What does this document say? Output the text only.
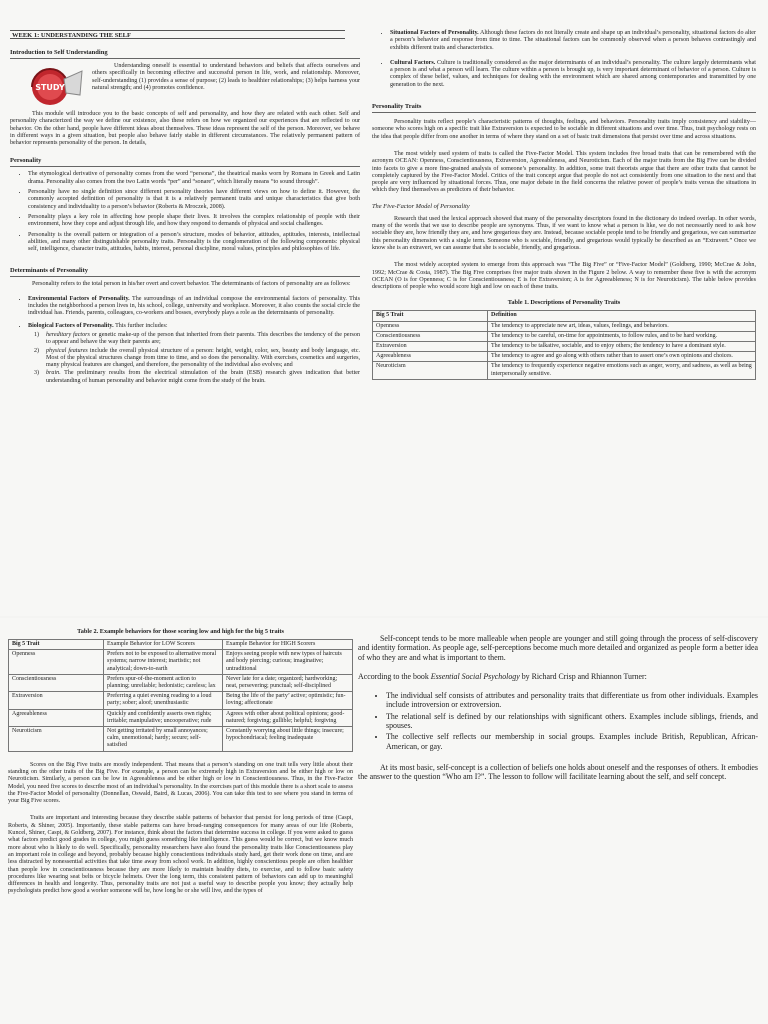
WEEK 1: UNDERSTANDING THE SELF
Introduction to Self Understanding
STUDY

Understanding oneself is essential to understand behaviors and beliefs that affects ourselves and others specifically in becoming effective and successful person in life, work, and relationship. Moreover, self-understanding (1) provides a sense of purpose; (2) leads to healthier relationships; (3) helps harness your natural strength; and (4) promotes confidence.

This module will introduce you to the basic concepts of self and personality, and how they are related with each other. Self and personality characterized the way we define our existence, also these refers on how we organized our experiences that are reflected to our behavior. On the other hand, people have different ideas about themselves. These ideas represent the self of the person. Moreover, we behave in different ways in a given situation, but people also behave fairly stable in different circumstances. The relatively permanent pattern of behavior represents personality of the person. In details,

Personality
• The etymological derivative of personality comes from the word “persona”, the theatrical masks worn by Romans in Greek and Latin drama. Personality also comes from the two Latin words “per” and “sonare”, which literally means “to sound through”.
• Personality have no single definition since different personality theories have different views on how to define it. However, the commonly accepted definition of personality is that it is a relatively permanent traits and unique characteristics that give both consistency and individuality to a person’s behavior (Roberts & Mroczek, 2008).
• Personality plays a key role in affecting how people shape their lives. It involves the complex relationship of people with their environment, how they cope and adjust through life, and how they respond to demands of physical and social challenges.
• Personality is the overall pattern or integration of a person’s structure, modes of behavior, attitudes, aptitudes, interests, intellectual abilities, and many other distinguishable personality traits. Personality is the conglomeration of the following components: physical self, intelligence, character traits, attitudes, habits, interest, personal discipline, moral values, principles and philosophies of life.
Determinants of Personality

Personality refers to the total person in his/her overt and covert behavior. The determinants of factors of personality are as follows:

• Environmental Factors of Personality. The surroundings of an individual compose the environmental factors of personality. This includes the neighborhood a person lives in, his school, college, university and workplace. Moreover, it also counts the social circle the individual has. Friends, parents, colleagues, co-workers and bosses, everybody plays a role as the determinants of personality.
• Biological Factors of Personality. This further includes:
1)	hereditary factors or genetic make-up of the person that inherited from their parents. This describes the tendency of the person to appear and behave the way their parents are;
2)	physical features include the overall physical structure of a person: height, weight, color, sex, beauty and body language, etc. Most of the physical structures change from time to time, and so does the personality. With exercises, cosmetics and surgeries, many physical features are changed, and therefore, the personality of the individual also evolves; and
3)	brain. The preliminary results from the electrical stimulation of the brain (ESB) research gives indication that better understanding of human personality and behavior might come from the study of the brain.
• Situational Factors of Personality. Although these factors do not literally create and shape up an individual’s personality, situational factors do alter a person’s behavior and response from time to time. The situational factors can be commonly observed when a person behaves contrastingly and exhibits different traits and characteristics.
• Cultural Factors. Culture is traditionally considered as the major determinants of an individual’s personality. The culture largely determinants what a person is and what a person will learn. The culture within a person is brought up, is very important determinant of behavior of a person. Culture is complex of these belief, values, and techniques for dealing with the environment which are shared among contemporaries and transmitted by one generation to the next.
Personality Traits

Personality traits reflect people’s characteristic patterns of thoughts, feelings, and behaviors. Personality traits imply consistency and stability—someone who scores high on a specific trait like Extraversion is expected to be sociable in different situations and over time. Thus, trait psychology rests on the idea that people differ from one another in terms of where they stand on a set of basic trait dimensions that persist over time and across situations.

The most widely used system of traits is called the Five-Factor Model. This system includes five broad traits that can be remembered with the acronym OCEAN: Openness, Conscientiousness, Extraversion, Agreeableness, and Neuroticism. Each of the major traits from the Big Five can be divided into facets to give a more fine-grained analysis of someone’s personality. In addition, some trait theorists argue that there are other traits that cannot be completely captured by the Five-Factor Model. Critics of the trait concept argue that people do not act consistently from one situation to the next and that people are very influenced by situational forces. Thus, one major debate in the field concerns the relative power of people’s traits versus the situations in which they find themselves as predictors of their behavior.

The Five-Factor Model of Personality

Research that used the lexical approach showed that many of the personality descriptors found in the dictionary do indeed overlap. In other words, many of the words that we use to describe people are synonyms. Thus, if we want to know what a person is like, we do not necessarily need to ask how sociable they are, how friendly they are, and how gregarious they are. Instead, because sociable people tend to be friendly and gregarious, we can summarize this personality dimension with a single term. Someone who is sociable, friendly, and gregarious would typically be described as an “Extravert.” Once we know she is an extravert, we can assume that she is sociable, friendly, and gregarious.

The most widely accepted system to emerge from this approach was “The Big Five” or “Five-Factor Model” (Goldberg, 1990; McCrae & John, 1992; McCrae & Costa, 1987). The Big Five comprises five major traits shown in the Figure 2 below. A way to remember these five is with the acronym OCEAN (O is for Openness; C is for Conscientiousness; E is for Extraversion; A is for Agreeableness; N is for Neuroticism). The table below provides descriptions of people who would score high and low on each of these traits.

Table 1. Descriptions of Personality Traits
Big 5 Trait	Definition
Openness	The tendency to appreciate new art, ideas, values, feelings, and behaviors.
Conscientiousness	The tendency to be careful, on-time for appointments, to follow rules, and to be hard working.
Extraversion	The tendency to be talkative, sociable, and to enjoy others; the tendency to have a dominant style.
Agreeableness	The tendency to agree and go along with others rather than to assert one’s own opinions and choices.
Neuroticism	The tendency to frequently experience negative emotions such as anger, worry, and sadness, as well as being interpersonally sensitive.
Table 2. Example behaviors for those scoring low and high for the big 5 traits
Big 5 Trait	Example Behavior for LOW Scorers	Example Behavior for HIGH Scorers
Openness	Prefers not to be exposed to alternative moral systems; narrow interest; inartistic; not analytical; down-to-earth	Enjoys seeing people with new types of haircuts and body piercing; curious; imaginative; untraditional
Conscientiousness	Prefers spur-of-the-moment action to planning; unreliable; hedonistic; careless; lax	Never late for a date; organized; hardworking; neat, persevering; punctual; self-disciplined
Extraversion	Preferring a quiet evening reading to a loud party; sober; aloof; unenthusiastic	Being the life of the party’ active; optimistic; fun-loving; affectionate
Agreeableness	Quickly and confidently asserts own rights; irritable; manipulative; uncooperative; rude	Agrees with other about political opinions; good-natured; forgiving; gullible; helpful; forgiving
Neuroticism	Not getting irritated by small annoyances; calm, unemotional; hardy; secure; self-satisfied	Constantly worrying about little things; insecure; hypochondriacal; feeling inadequate

Scores on the Big Five traits are mostly independent. That means that a person’s standing on one trait tells very little about their standing on the other traits of the Big Five. For example, a person can be extremely high in Extraversion and be either high or low on Neuroticism. Similarly, a person can be low in Agreeableness and be either high or low in Conscientiousness. Thus, in the Five-Factor Model, you need five scores to describe most of an individual’s personality. In the exercises part of this module there is a short scale to assess the Five-Factor Model of personality (Donnellan, Oswald, Baird, & Lucas, 2006). You can take this test to see where you stand in terms of your Big Five scores.

Traits are important and interesting because they describe stable patterns of behavior that persist for long periods of time (Caspi, Roberts, & Shiner, 2005). Importantly, these stable patterns can have broad-ranging consequences for many areas of our life (Roberts, Kuncel, Shiner, Caspi, & Goldberg, 2007). For instance, think about the factors that determine success in college. If you were asked to guess what factors predict good grades in college, you might guess something like intelligence. This guess would be correct, but we know much more about who is likely to do well. Specifically, personality researchers have also found the personality traits like Conscientiousness play an important role in college and beyond, probably because highly conscientious individuals study hard, get their work done on time, and are less distracted by nonessential activities that take time away from school work. In addition, highly conscientious people are often healthier than people low in conscientiousness because they are more likely to maintain healthy diets, to exercise, and to follow basic safety procedures like wearing seat belts or bicycle helmets. Over the long term, this consistent pattern of behaviors can add up to meaningful differences in health and longevity. Thus, personality traits are not just a useful way to describe people you know; they actually help psychologists predict how good a worker someone will be, how long he or she will live, and the types of

Self-concept tends to be more malleable when people are younger and still going through the process of self-discovery and identity formation. As people age, self-perceptions become much more detailed and organized as people form a better idea of who they are and what is important to them.

According to the book Essential Social Psychology by Richard Crisp and Rhiannon Turner:

• The individual self consists of attributes and personality traits that differentiate us from other individuals. Examples include introversion or extroversion.
• The relational self is defined by our relationships with significant others. Examples include siblings, friends, and spouses.
• The collective self reflects our membership in social groups. Examples include British, Republican, African-American, or gay.

At its most basic, self-concept is a collection of beliefs one holds about oneself and the responses of others. It embodies the answer to the question “Who am I?”. The lesson to follow will facilitate learning about the self, and self concept.
